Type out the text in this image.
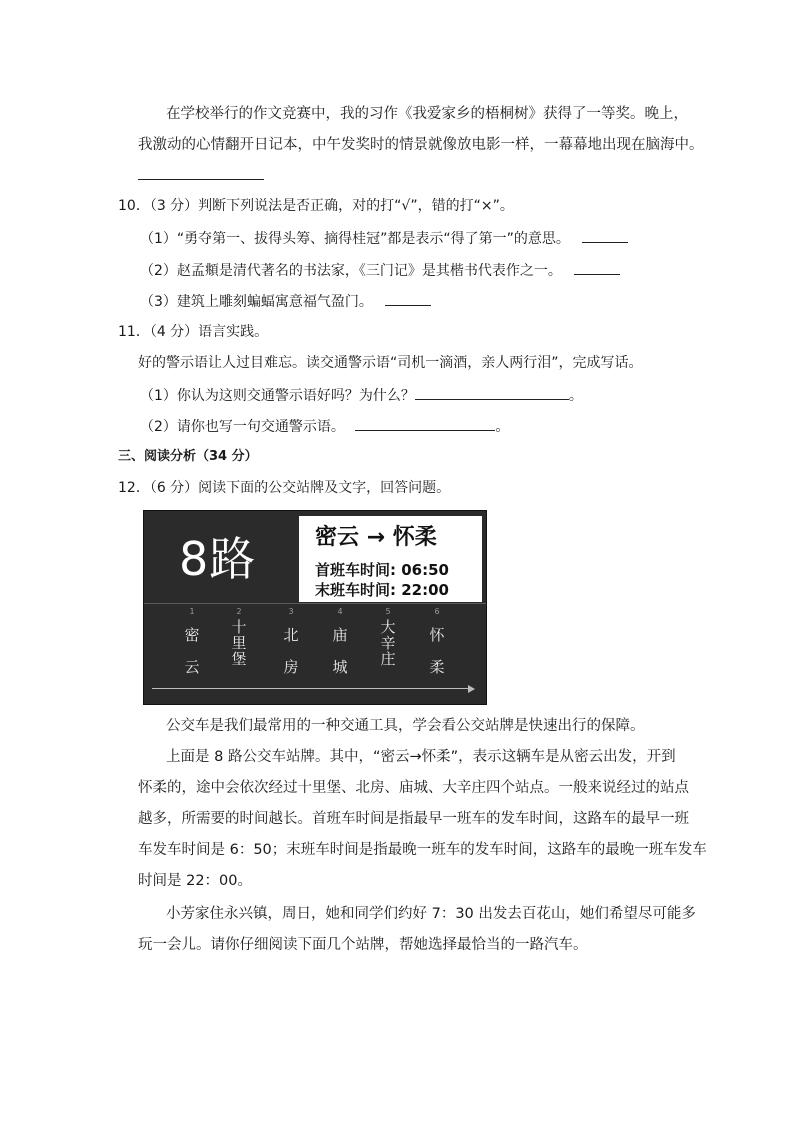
在学校举行的作文竞赛中，我的习作《我爱家乡的梧桐树》获得了一等奖。晚上，
我激动的心情翻开日记本，中午发奖时的情景就像放电影一样，一幕幕地出现在脑海中。
10．（3 分）判断下列说法是否正确，对的打“√”，错的打“×”。
（1）“勇夺第一、拔得头筹、摘得桂冠”都是表示“得了第一”的意思。
（2）赵孟頫是清代著名的书法家，《三门记》是其楷书代表作之一。
（3）建筑上雕刻蝙蝠寓意福气盈门。
11．（4 分）语言实践。
好的警示语让人过目难忘。读交通警示语“司机一滴酒，亲人两行泪”，完成写话。
（1）你认为这则交通警示语好吗？为什么？	。
（2）请你也写一句交通警示语。	。
三、阅读分析（34 分）
12．（6 分）阅读下面的公交站牌及文字，回答问题。
8路	密云 → 怀柔
首班车时间: 06:50
末班车时间: 22:00
1
密
云
2
十
里
堡
3
北
房
4
庙
城
5
大
辛
庄
6
怀
柔
公交车是我们最常用的一种交通工具，学会看公交站牌是快速出行的保障。
上面是 8 路公交车站牌。其中，“密云→怀柔”，表示这辆车是从密云出发，开到
怀柔的，途中会依次经过十里堡、北房、庙城、大辛庄四个站点。一般来说经过的站点
越多，所需要的时间越长。首班车时间是指最早一班车的发车时间，这路车的最早一班
车发车时间是 6：50；末班车时间是指最晚一班车的发车时间，这路车的最晚一班车发车
时间是 22：00。
小芳家住永兴镇，周日，她和同学们约好 7：30 出发去百花山，她们希望尽可能多
玩一会儿。请你仔细阅读下面几个站牌，帮她选择最恰当的一路汽车。
